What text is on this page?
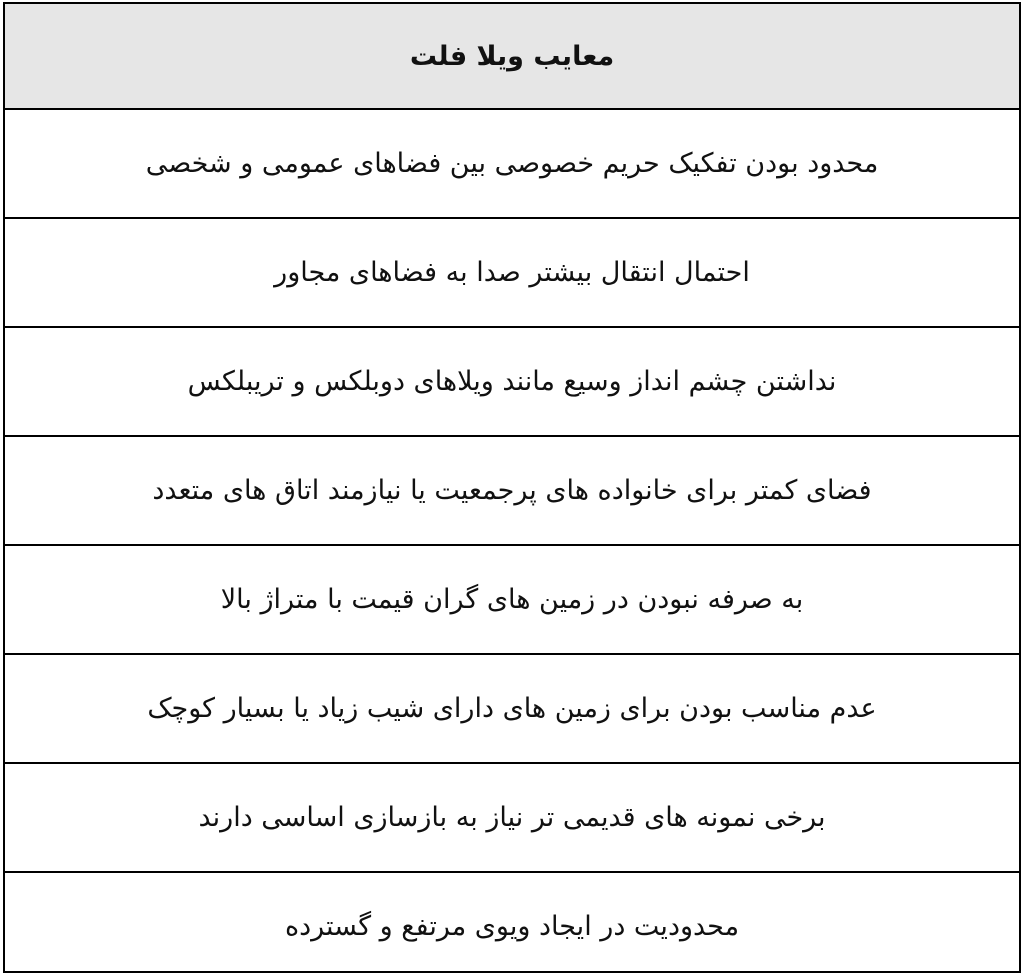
معایب ویلا فلت
محدود بودن تفکیک حریم خصوصی بین فضاهای عمومی و شخصی
احتمال انتقال بیشتر صدا به فضاهای مجاور
نداشتن چشم انداز وسیع مانند ویلاهای دوبلکس و تریبلکس
فضای کمتر برای خانواده های پرجمعیت یا نیازمند اتاق های متعدد
به صرفه نبودن در زمین های گران قیمت با متراژ بالا
عدم مناسب بودن برای زمین های دارای شیب زیاد یا بسیار کوچک
برخی نمونه های قدیمی تر نیاز به بازسازی اساسی دارند
محدودیت در ایجاد ویوی مرتفع و گسترده
